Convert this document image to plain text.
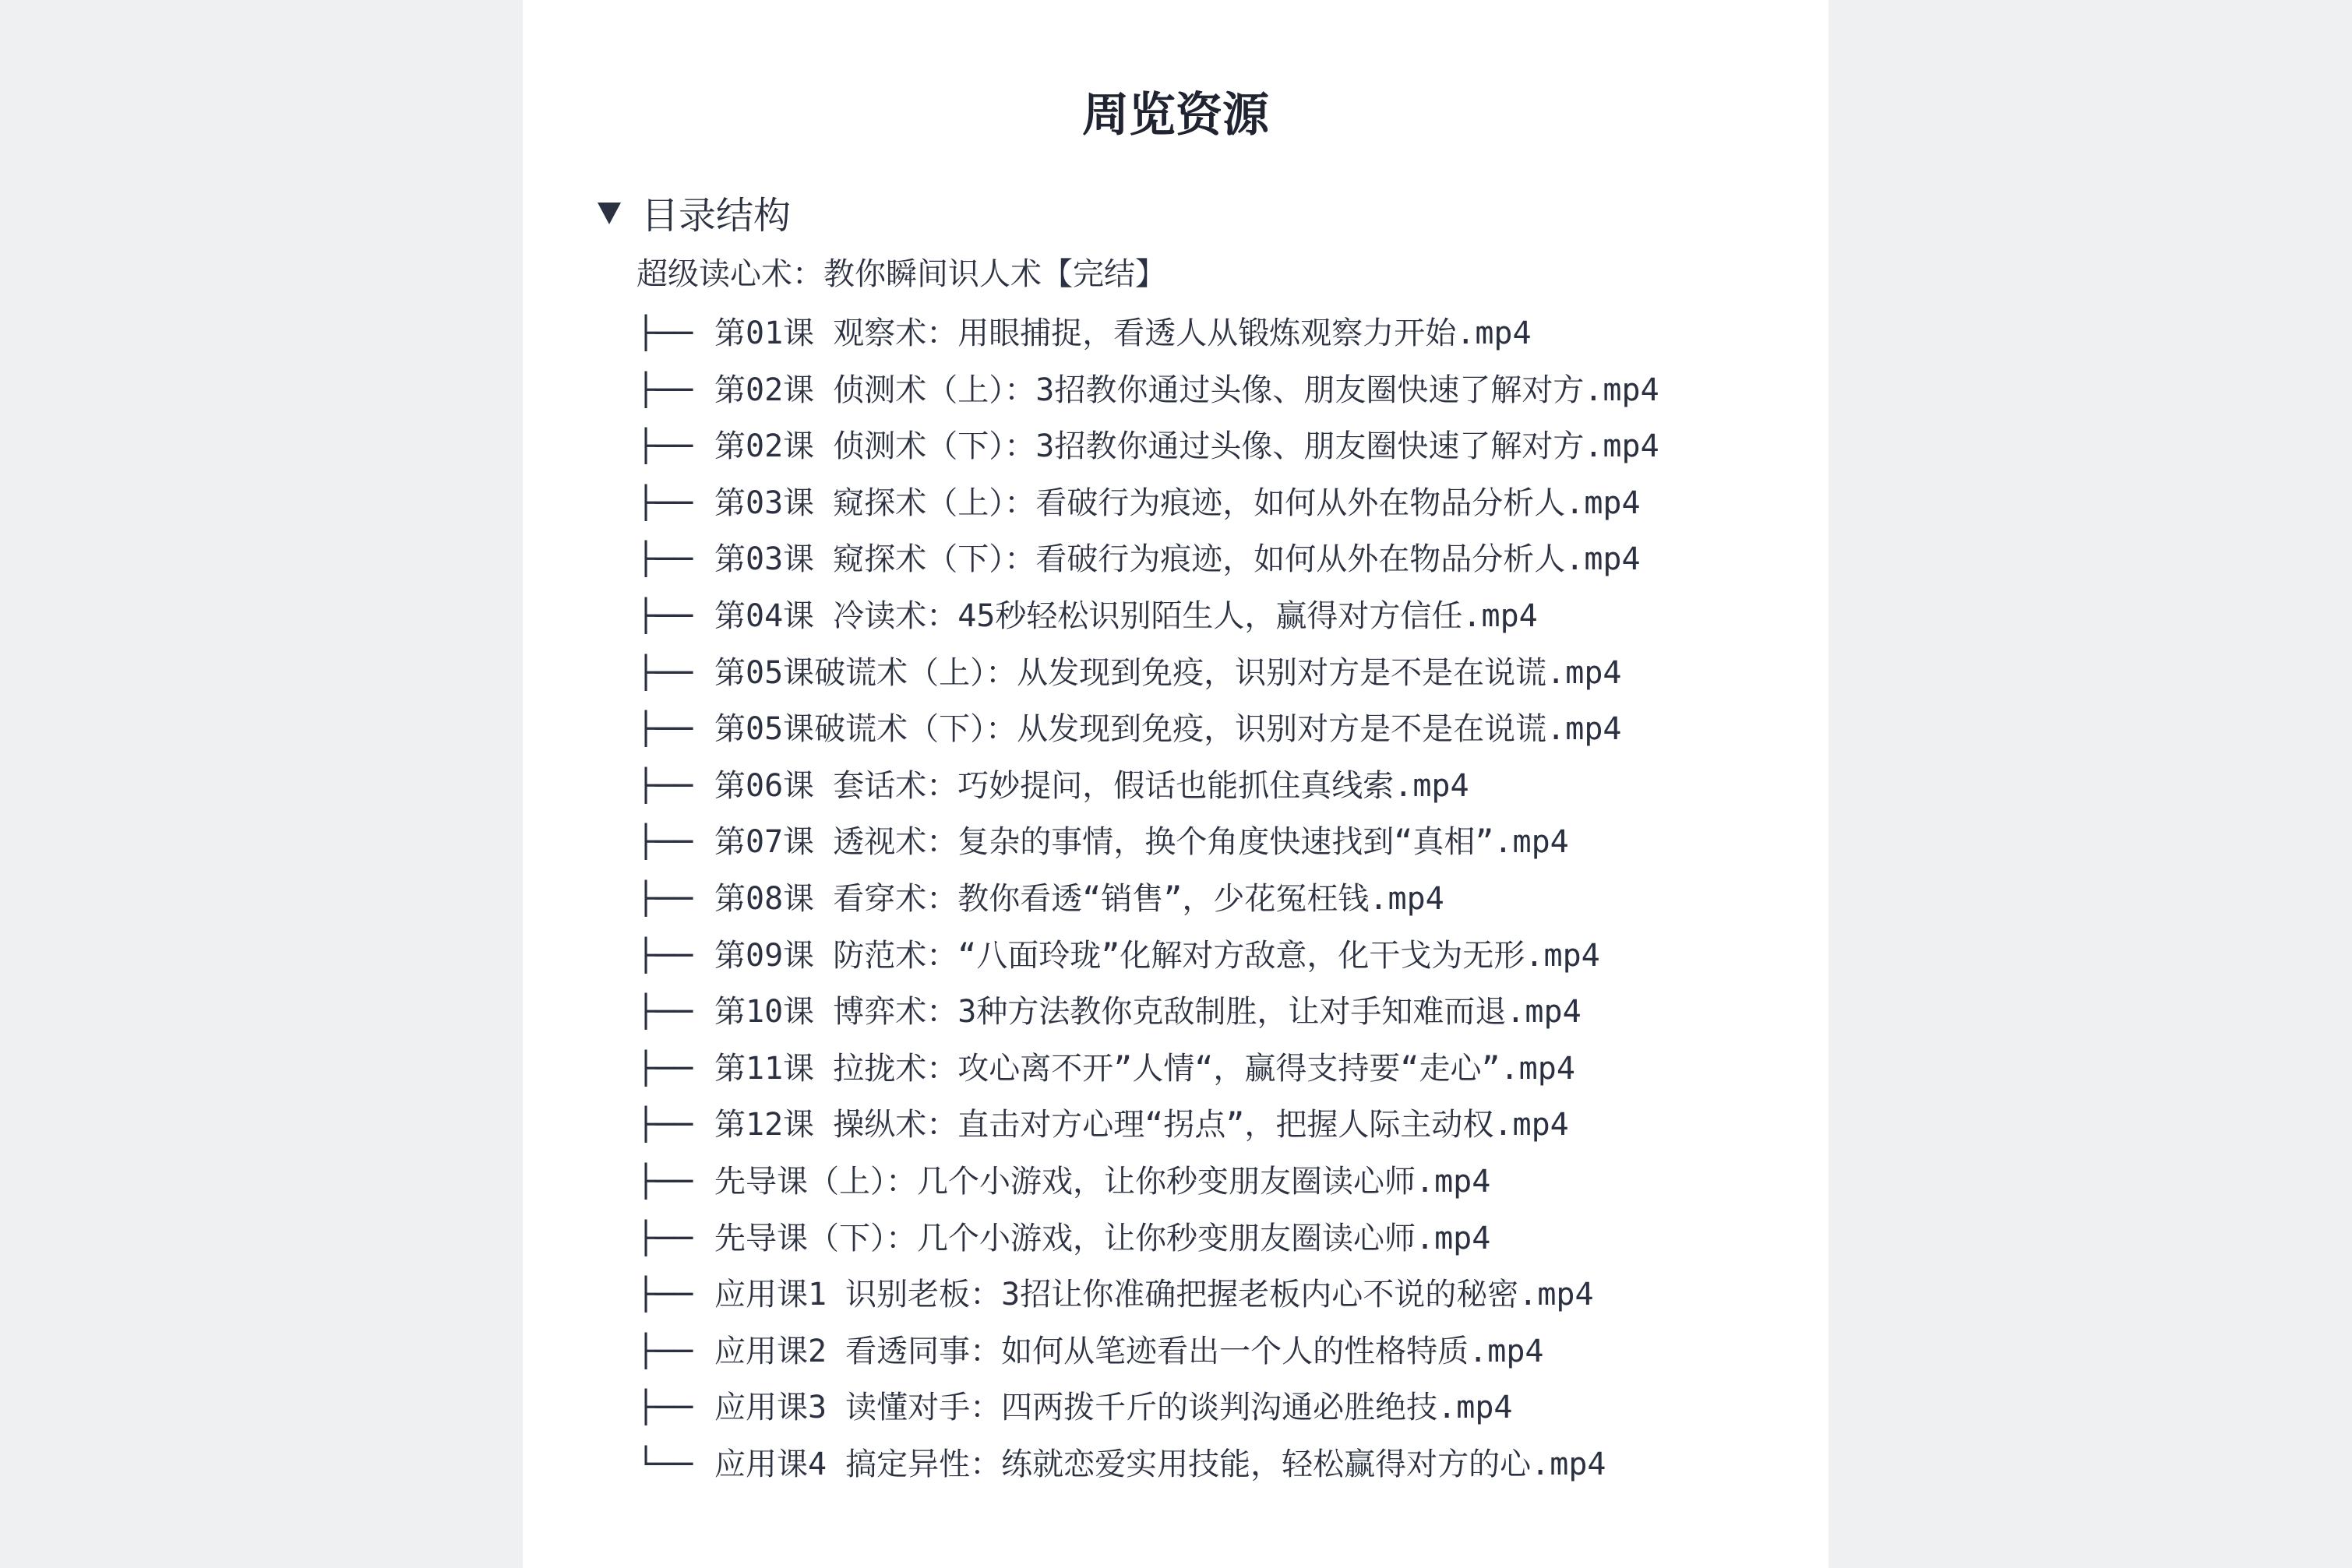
周览资源
目录结构
超级读心术：教你瞬间识人术【完结】
├── 第01课 观察术：用眼捕捉，看透人从锻炼观察力开始.mp4
├── 第02课 侦测术（上）：3招教你通过头像、朋友圈快速了解对方.mp4
├── 第02课 侦测术（下）：3招教你通过头像、朋友圈快速了解对方.mp4
├── 第03课 窥探术（上）：看破行为痕迹，如何从外在物品分析人.mp4
├── 第03课 窥探术（下）：看破行为痕迹，如何从外在物品分析人.mp4
├── 第04课 冷读术：45秒轻松识别陌生人，赢得对方信任.mp4
├── 第05课破谎术（上）：从发现到免疫，识别对方是不是在说谎.mp4
├── 第05课破谎术（下）：从发现到免疫，识别对方是不是在说谎.mp4
├── 第06课 套话术：巧妙提问，假话也能抓住真线索.mp4
├── 第07课 透视术：复杂的事情，换个角度快速找到“真相”.mp4
├── 第08课 看穿术：教你看透“销售”，少花冤枉钱.mp4
├── 第09课 防范术：“八面玲珑”化解对方敌意，化干戈为无形.mp4
├── 第10课 博弈术：3种方法教你克敌制胜，让对手知难而退.mp4
├── 第11课 拉拢术：攻心离不开”人情“，赢得支持要“走心”.mp4
├── 第12课 操纵术：直击对方心理“拐点”，把握人际主动权.mp4
├── 先导课（上）：几个小游戏，让你秒变朋友圈读心师.mp4
├── 先导课（下）：几个小游戏，让你秒变朋友圈读心师.mp4
├── 应用课1 识别老板：3招让你准确把握老板内心不说的秘密.mp4
├── 应用课2 看透同事：如何从笔迹看出一个人的性格特质.mp4
├── 应用课3 读懂对手：四两拨千斤的谈判沟通必胜绝技.mp4
└── 应用课4 搞定异性：练就恋爱实用技能，轻松赢得对方的心.mp4
